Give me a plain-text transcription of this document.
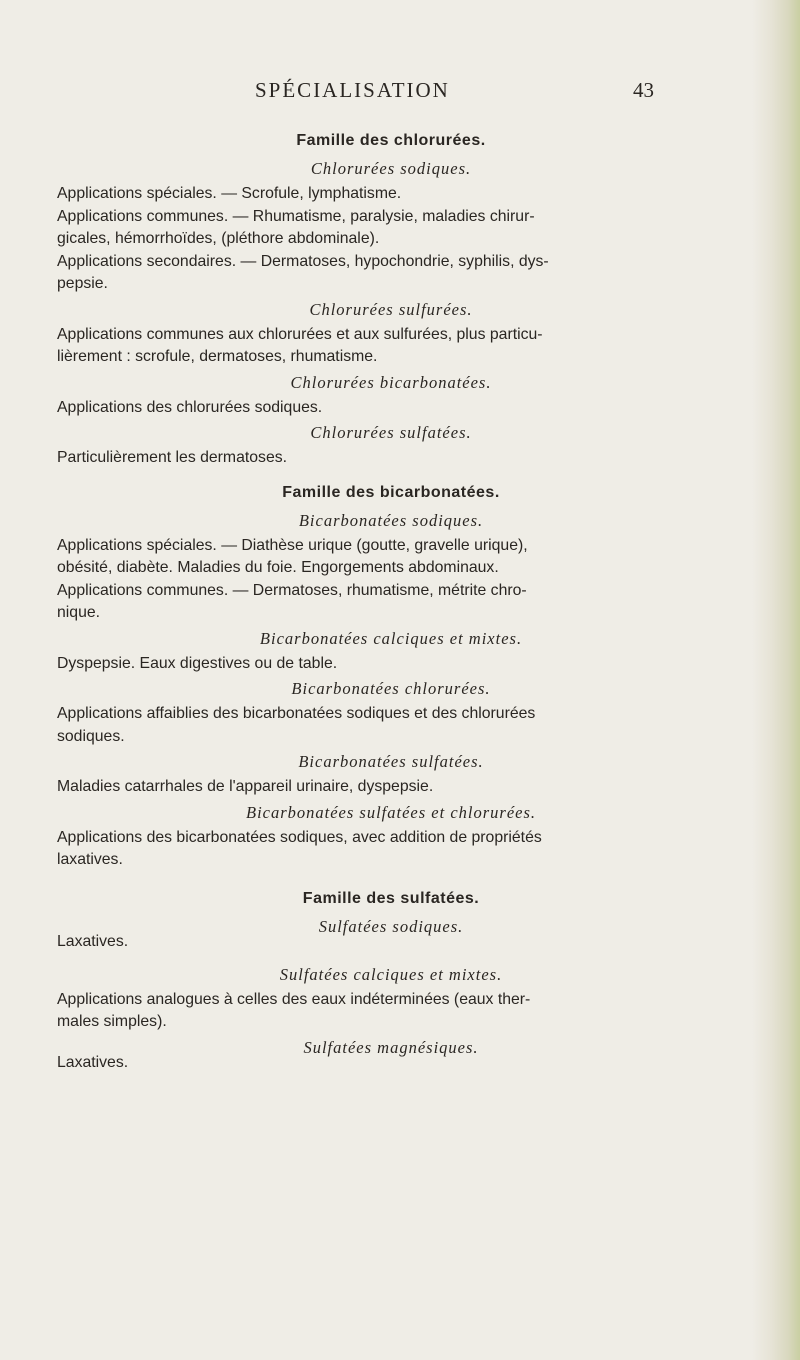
SPÉCIALISATION	43
Famille des chlorurées.
Chlorurées sodiques.
Applications spéciales. — Scrofule, lymphatisme.
Applications communes. — Rhumatisme, paralysie, maladies chirur-
gicales, hémorrhoïdes, (pléthore abdominale).
Applications secondaires. — Dermatoses, hypochondrie, syphilis, dys-
pepsie.
Chlorurées sulfurées.
Applications communes aux chlorurées et aux sulfurées, plus particu-
lièrement : scrofule, dermatoses, rhumatisme.
Chlorurées bicarbonatées.
Applications des chlorurées sodiques.
Chlorurées sulfatées.
Particulièrement les dermatoses.
Famille des bicarbonatées.
Bicarbonatées sodiques.
Applications spéciales. — Diathèse urique (goutte, gravelle urique),
obésité, diabète. Maladies du foie. Engorgements abdominaux.
Applications communes. — Dermatoses, rhumatisme, métrite chro-
nique.
Bicarbonatées calciques et mixtes.
Dyspepsie. Eaux digestives ou de table.
Bicarbonatées chlorurées.
Applications affaiblies des bicarbonatées sodiques et des chlorurées
sodiques.
Bicarbonatées sulfatées.
Maladies catarrhales de l'appareil urinaire, dyspepsie.
Bicarbonatées sulfatées et chlorurées.
Applications des bicarbonatées sodiques, avec addition de propriétés
laxatives.
Famille des sulfatées.
Sulfatées sodiques.
Laxatives.
Sulfatées calciques et mixtes.
Applications analogues à celles des eaux indéterminées (eaux ther-
males simples).
Sulfatées magnésiques.
Laxatives.
